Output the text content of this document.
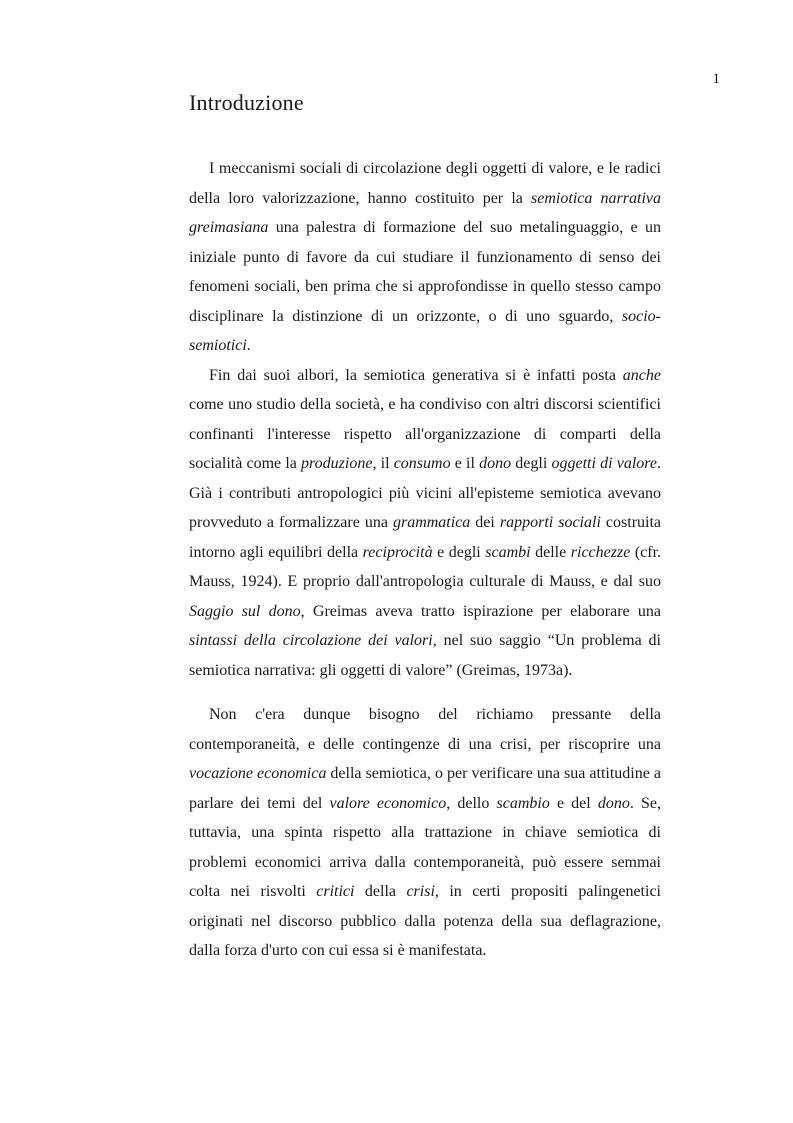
1
Introduzione

I meccanismi sociali di circolazione degli oggetti di valore, e le radici della loro valorizzazione, hanno costituito per la semiotica narrativa greimasiana una palestra di formazione del suo metalinguaggio, e un iniziale punto di favore da cui studiare il funzionamento di senso dei fenomeni sociali, ben prima che si approfondisse in quello stesso campo disciplinare la distinzione di un orizzonte, o di uno sguardo, socio-semiotici.

Fin dai suoi albori, la semiotica generativa si è infatti posta anche come uno studio della società, e ha condiviso con altri discorsi scientifici confinanti l'interesse rispetto all'organizzazione di comparti della socialità come la produzione, il consumo e il dono degli oggetti di valore. Già i contributi antropologici più vicini all'episteme semiotica avevano provveduto a formalizzare una grammatica dei rapporti sociali costruita intorno agli equilibri della reciprocità e degli scambi delle ricchezze (cfr. Mauss, 1924). E proprio dall'antropologia culturale di Mauss, e dal suo Saggio sul dono, Greimas aveva tratto ispirazione per elaborare una sintassi della circolazione dei valori, nel suo saggio “Un problema di semiotica narrativa: gli oggetti di valore” (Greimas, 1973a).

Non c'era dunque bisogno del richiamo pressante della contemporaneità, e delle contingenze di una crisi, per riscoprire una vocazione economica della semiotica, o per verificare una sua attitudine a parlare dei temi del valore economico, dello scambio e del dono. Se, tuttavia, una spinta rispetto alla trattazione in chiave semiotica di problemi economici arriva dalla contemporaneità, può essere semmai colta nei risvolti critici della crisi, in certi propositi palingenetici originati nel discorso pubblico dalla potenza della sua deflagrazione, dalla forza d'urto con cui essa si è manifestata.
